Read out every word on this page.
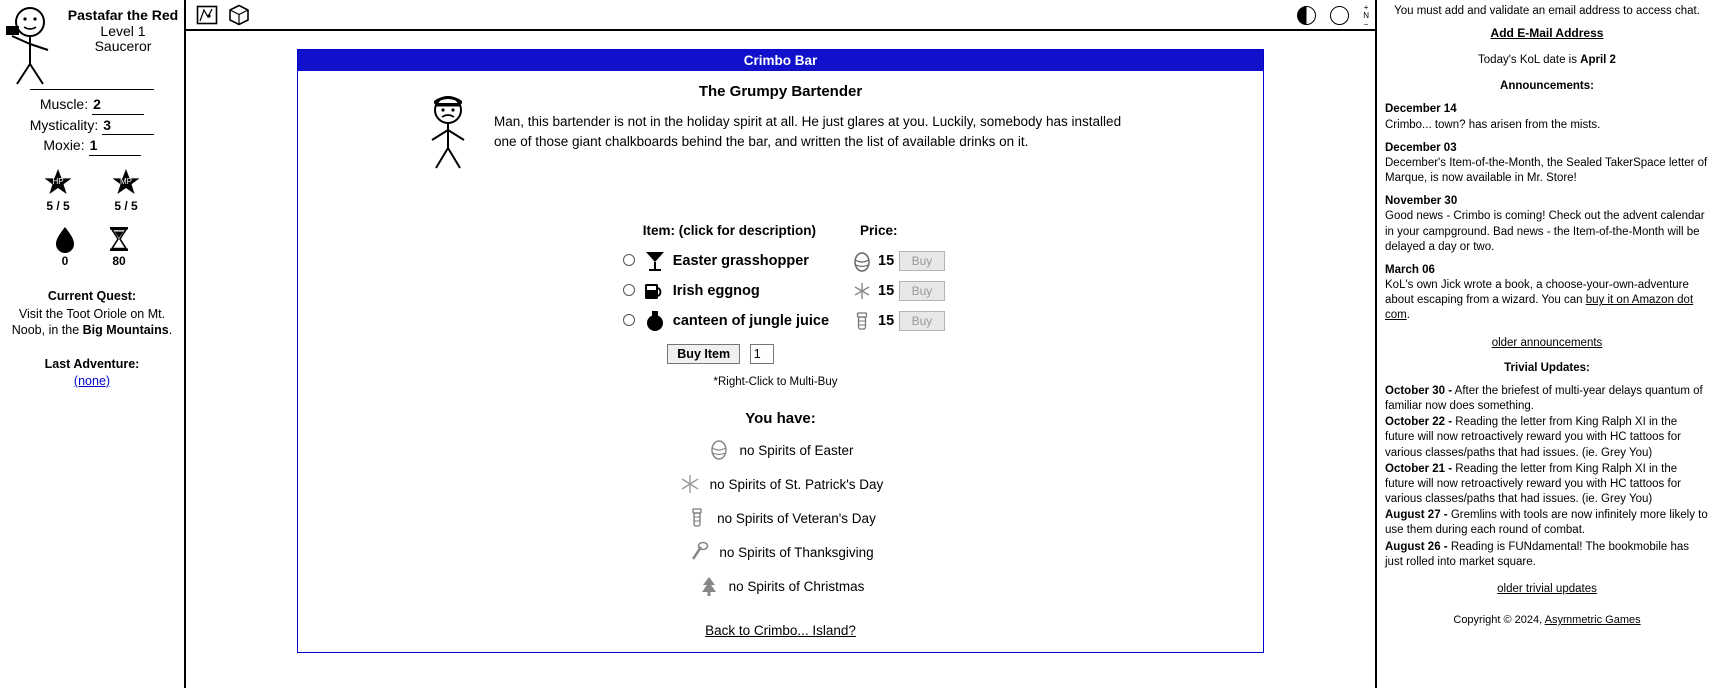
Pastafar the Red
Level 1
Sauceror
Muscle: 2
Mysticality: 3
Moxie: 1
HP
5 / 5
MP
5 / 5
0	80
Current Quest:
Visit the Toot Oriole on Mt. Noob, in the Big Mountains.
Last Adventure:
(none)
+
N
−
Crimbo Bar
The Grumpy Bartender
Man, this bartender is not in the holiday spirit at all. He just glares at you. Luckily, somebody has installed one of those giant chalkboards behind the bar, and written the list of available drinks on it.
	Item: (click for description)	Price:	
	Easter grasshopper	15	Buy
	Irish eggnog	15	Buy
	canteen of jungle juice	15	Buy
Buy Item 1
*Right-Click to Multi-Buy
You have:
no Spirits of Easter
no Spirits of St. Patrick's Day
no Spirits of Veteran's Day
no Spirits of Thanksgiving
no Spirits of Christmas
Back to Crimbo... Island?
You must add and validate an email address to access chat.
Add E-Mail Address
Today's KoL date is April 2
Announcements:
December 14
Crimbo... town? has arisen from the mists.
December 03
December's Item-of-the-Month, the Sealed TakerSpace letter of Marque, is now available in Mr. Store!
November 30
Good news - Crimbo is coming! Check out the advent calendar in your campground. Bad news - the Item-of-the-Month will be delayed a day or two.
March 06
KoL's own Jick wrote a book, a choose-your-own-adventure about escaping from a wizard. You can buy it on Amazon dot com.
older announcements
Trivial Updates:
October 30 - After the briefest of multi-year delays quantum of familiar now does something.
October 22 - Reading the letter from King Ralph XI in the future will now retroactively reward you with HC tattoos for various classes/paths that had issues. (ie. Grey You)
October 21 - Reading the letter from King Ralph XI in the future will now retroactively reward you with HC tattoos for various classes/paths that had issues. (ie. Grey You)
August 27 - Gremlins with tools are now infinitely more likely to use them during each round of combat.
August 26 - Reading is FUNdamental! The bookmobile has just rolled into market square.
older trivial updates
Copyright © 2024, Asymmetric Games
